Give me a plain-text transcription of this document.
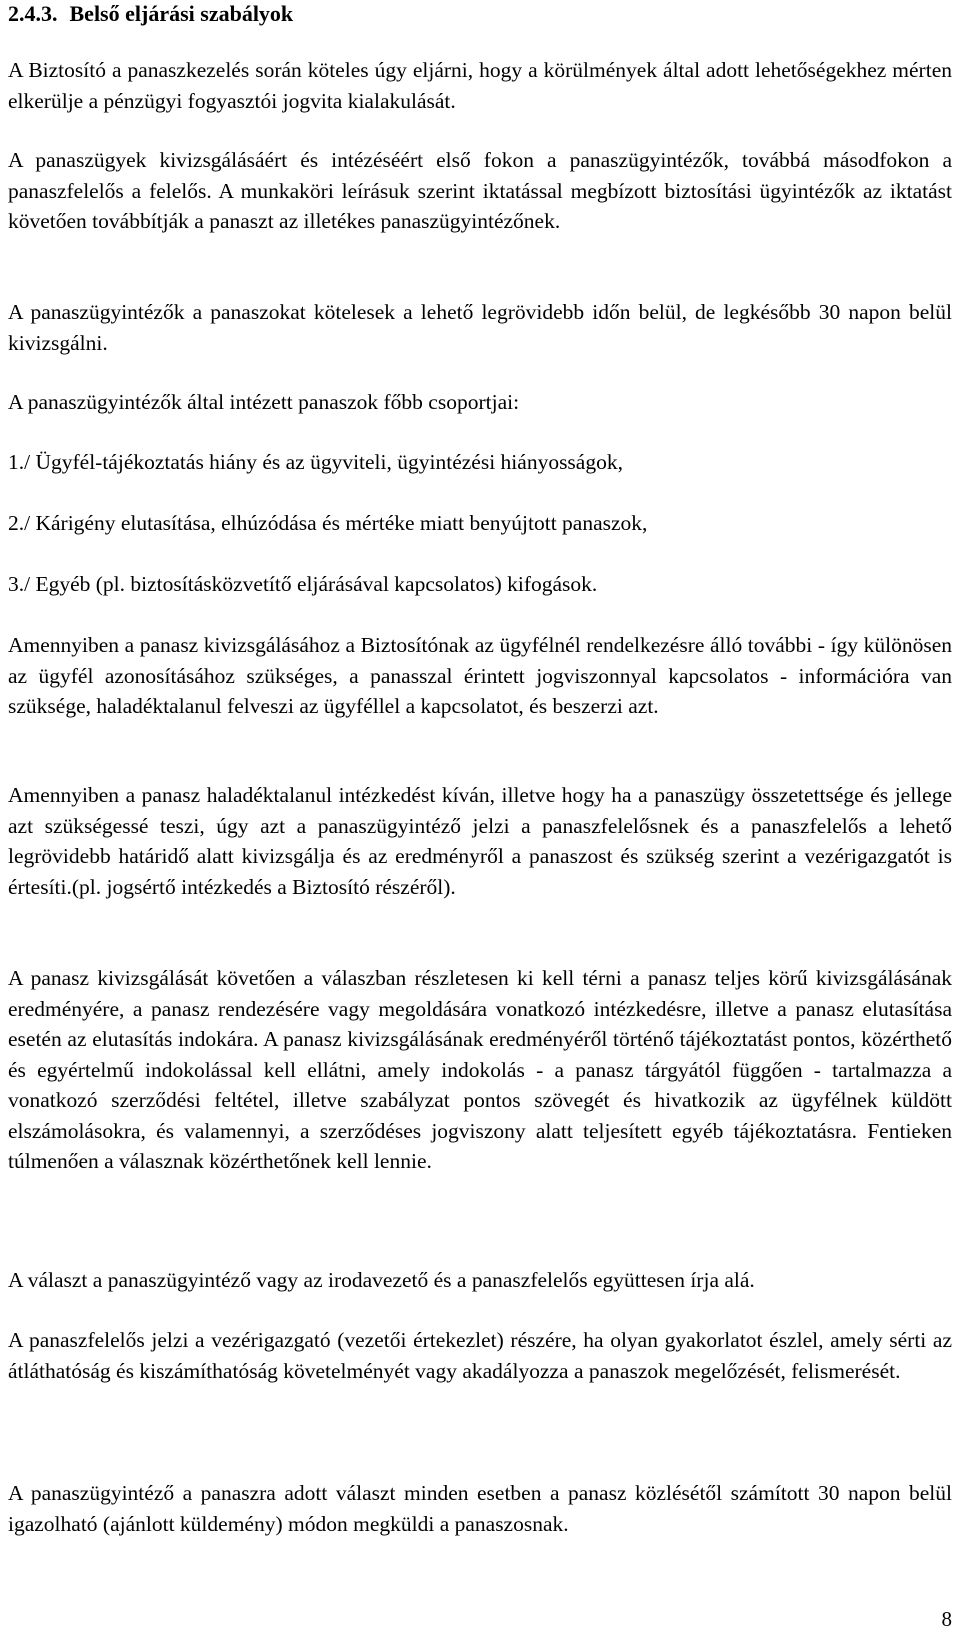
2.4.3. Belső eljárási szabályok

A Biztosító a panaszkezelés során köteles úgy eljárni, hogy a körülmények által adott lehetőségekhez mérten elkerülje a pénzügyi fogyasztói jogvita kialakulását.

A panaszügyek kivizsgálásáért és intézéséért első fokon a panaszügyintézők, továbbá másodfokon a panaszfelelős a felelős. A munkaköri leírásuk szerint iktatással megbízott biztosítási ügyintézők az iktatást követően továbbítják a panaszt az illetékes panaszügyintézőnek.

A panaszügyintézők a panaszokat kötelesek a lehető legrövidebb időn belül, de legkésőbb 30 napon belül kivizsgálni.

A panaszügyintézők által intézett panaszok főbb csoportjai:

1./ Ügyfél-tájékoztatás hiány és az ügyviteli, ügyintézési hiányosságok,

2./ Kárigény elutasítása, elhúzódása és mértéke miatt benyújtott panaszok,

3./ Egyéb (pl. biztosításközvetítő eljárásával kapcsolatos) kifogások.

Amennyiben a panasz kivizsgálásához a Biztosítónak az ügyfélnél rendelkezésre álló további - így különösen az ügyfél azonosításához szükséges, a panasszal érintett jogviszonnyal kapcsolatos - információra van szüksége, haladéktalanul felveszi az ügyféllel a kapcsolatot, és beszerzi azt.

Amennyiben a panasz haladéktalanul intézkedést kíván, illetve hogy ha a panaszügy összetettsége és jellege azt szükségessé teszi, úgy azt a panaszügyintéző jelzi a panaszfelelősnek és a panaszfelelős a lehető legrövidebb határidő alatt kivizsgálja és az eredményről a panaszost és szükség szerint a vezérigazgatót is értesíti.(pl. jogsértő intézkedés a Biztosító részéről).

A panasz kivizsgálását követően a válaszban részletesen ki kell térni a panasz teljes körű kivizsgálásának eredményére, a panasz rendezésére vagy megoldására vonatkozó intézkedésre, illetve a panasz elutasítása esetén az elutasítás indokára. A panasz kivizsgálásának eredményéről történő tájékoztatást pontos, közérthető és egyértelmű indokolással kell ellátni, amely indokolás - a panasz tárgyától függően - tartalmazza a vonatkozó szerződési feltétel, illetve szabályzat pontos szövegét és hivatkozik az ügyfélnek küldött elszámolásokra, és valamennyi, a szerződéses jogviszony alatt teljesített egyéb tájékoztatásra. Fentieken túlmenően a válasznak közérthetőnek kell lennie.

A választ a panaszügyintéző vagy az irodavezető és a panaszfelelős együttesen írja alá.

A panaszfelelős jelzi a vezérigazgató (vezetői értekezlet) részére, ha olyan gyakorlatot észlel, amely sérti az átláthatóság és kiszámíthatóság követelményét vagy akadályozza a panaszok megelőzését, felismerését.

A panaszügyintéző a panaszra adott választ minden esetben a panasz közlésétől számított 30 napon belül igazolható (ajánlott küldemény) módon megküldi a panaszosnak.

8
